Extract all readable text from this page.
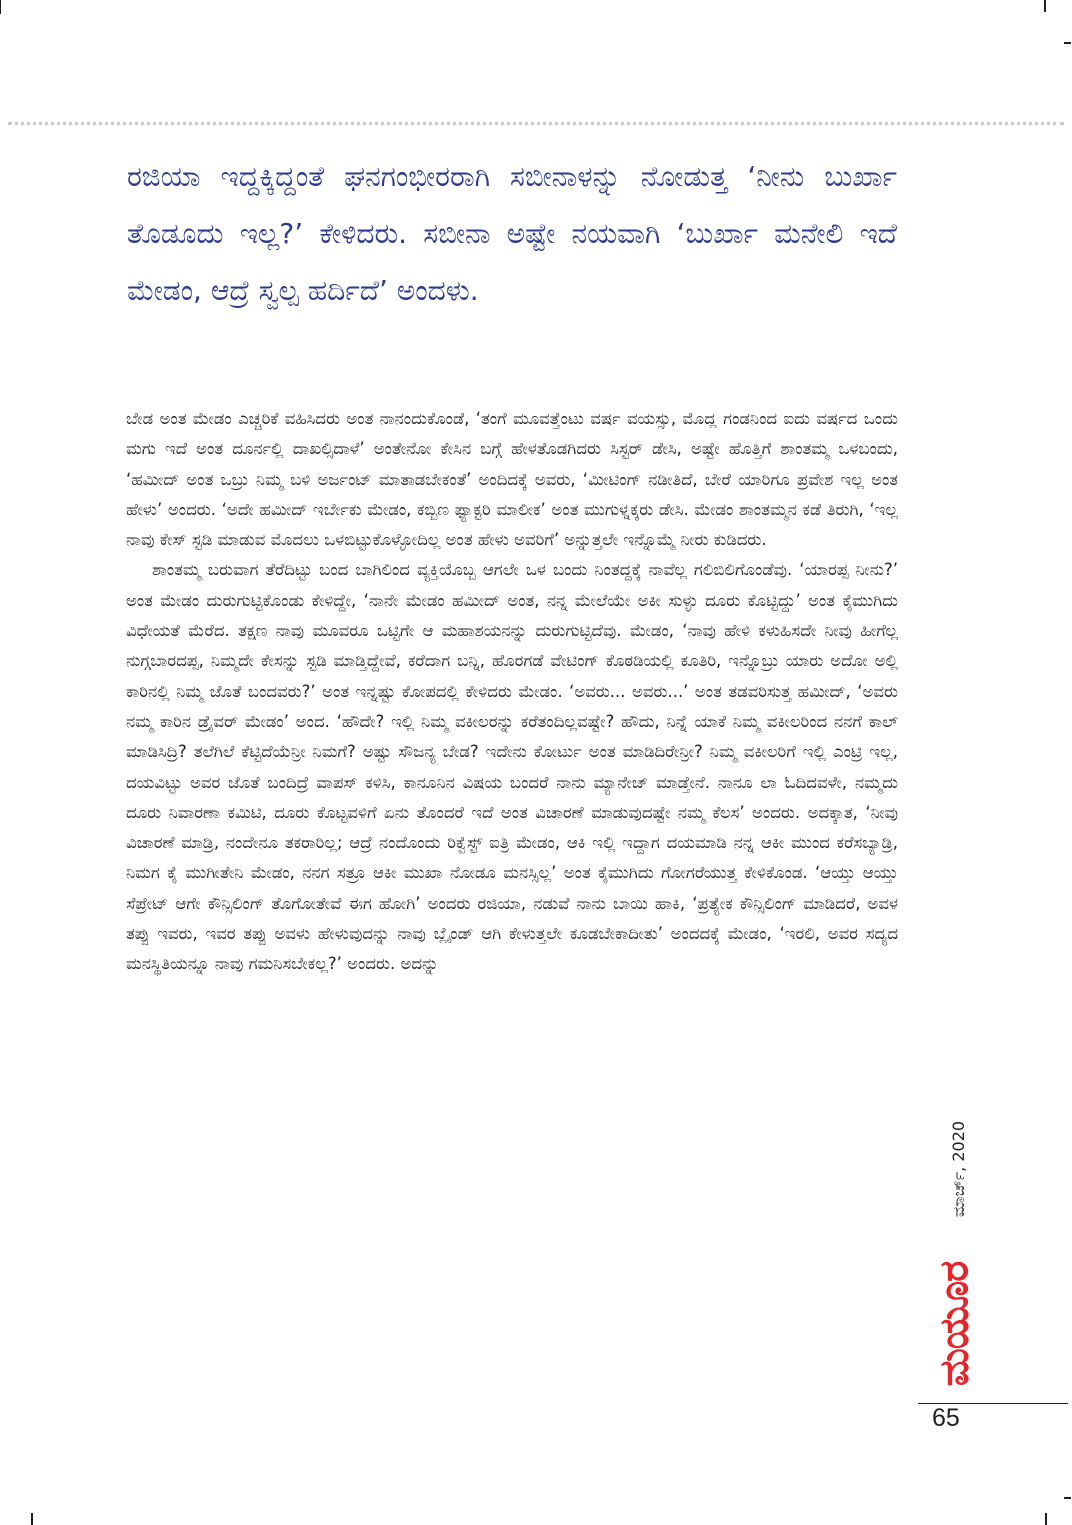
ರಜಿಯಾ ಇದ್ದಕ್ಕಿದ್ದಂತೆ ಘನಗಂಭೀರರಾಗಿ ಸಬೀನಾಳನ್ನು ನೋಡುತ್ತ ‘ನೀನು ಬುರ್ಖಾ ತೊಡೂದು ಇಲ್ಲ?’ ಕೇಳಿದರು. ಸಬೀನಾ ಅಷ್ಟೇ ನಯವಾಗಿ ‘ಬುರ್ಖಾ ಮನೇಲಿ ಇದೆ ಮೇಡಂ, ಆದ್ರೆ ಸ್ವಲ್ಪ ಹರ್ದಿದೆ’ ಅಂದಳು.

ಬೇಡ ಅಂತ ಮೇಡಂ ಎಚ್ಚರಿಕೆ ವಹಿಸಿದರು ಅಂತ ನಾನಂದುಕೊಂಡೆ, ‘ತಂಗೆ ಮೂವತ್ತೆಂಟು ವರ್ಷ ವಯಸ್ಸು, ಮೊದ್ಲ ಗಂಡನಿಂದ ಐದು ವರ್ಷದ ಒಂದು ಮಗು ಇದೆ ಅಂತ ದೂರ್ನಲ್ಲಿ ದಾಖಲ್ಸಿದಾಳೆ’ ಅಂತೇನೋ ಕೇಸಿನ ಬಗ್ಗೆ ಹೇಳತೊಡಗಿದರು ಸಿಸ್ಟರ್ ಡೇಸಿ, ಅಷ್ಟೇ ಹೊತ್ತಿಗೆ ಶಾಂತಮ್ಮ ಒಳಬಂದು, ‘ಹಮೀದ್ ಅಂತ ಒಬ್ರು ನಿಮ್ಮ ಬಳಿ ಅರ್ಜಂಟ್ ಮಾತಾಡಬೇಕಂತೆ’ ಅಂದಿದಕ್ಕೆ ಅವರು, ‘ಮೀಟಿಂಗ್ ನಡೀತಿದೆ, ಬೇರೆ ಯಾರಿಗೂ ಪ್ರವೇಶ ಇಲ್ಲ ಅಂತ ಹೇಳು’ ಅಂದರು. ‘ಅದೇ ಹಮೀದ್ ಇರ್ಬೇಕು ಮೇಡಂ, ಕಬ್ಬಿಣ ಫ್ಯಾಕ್ಟರಿ ಮಾಲೀಕ’ ಅಂತ ಮುಗುಳ್ನಕ್ಕರು ಡೇಸಿ. ಮೇಡಂ ಶಾಂತಮ್ಮನ ಕಡೆ ತಿರುಗಿ, ‘ಇಲ್ಲ ನಾವು ಕೇಸ್ ಸ್ಟಡಿ ಮಾಡುವ ಮೊದಲು ಒಳಬಿಟ್ಟುಕೊಳ್ಳೋದಿಲ್ಲ ಅಂತ ಹೇಳು ಅವರಿಗೆ’ ಅನ್ನುತ್ತಲೇ ಇನ್ನೊಮ್ಮೆ ನೀರು ಕುಡಿದರು.

ಶಾಂತಮ್ಮ ಬರುವಾಗ ತೆರೆದಿಟ್ಟು ಬಂದ ಬಾಗಿಲಿಂದ ವ್ಯಕ್ತಿಯೊಬ್ಬ ಆಗಲೇ ಒಳ ಬಂದು ನಿಂತದ್ದಕ್ಕೆ ನಾವೆಲ್ಲ ಗಲಿಬಿಲಿಗೊಂಡೆವು. ‘ಯಾರಪ್ಪ ನೀನು?’ ಅಂತ ಮೇಡಂ ದುರುಗುಟ್ಟಿಕೊಂಡು ಕೇಳಿದ್ದೇ, ‘ನಾನೇ ಮೇಡಂ ಹಮೀದ್ ಅಂತ, ನನ್ನ ಮೇಲೆಯೇ ಅಕೀ ಸುಳ್ಳು ದೂರು ಕೊಟ್ಟಿದ್ದು’ ಅಂತ ಕೈಮುಗಿದು ವಿಧೇಯತೆ ಮೆರೆದ. ತಕ್ಷಣ ನಾವು ಮೂವರೂ ಒಟ್ಟಿಗೇ ಆ ಮಹಾಶಯನನ್ನು ದುರುಗುಟ್ಟಿದೆವು. ಮೇಡಂ, ‘ನಾವು ಹೇಳಿ ಕಳುಹಿಸದೇ ನೀವು ಹೀಗೆಲ್ಲ ನುಗ್ಗಬಾರದಪ್ಪ, ನಿಮ್ಮದೇ ಕೇಸನ್ನು ಸ್ಟಡಿ ಮಾಡ್ತಿದ್ದೇವೆ, ಕರೆದಾಗ ಬನ್ನಿ, ಹೊರಗಡೆ ವೇಟಿಂಗ್ ಕೊಠಡಿಯಲ್ಲಿ ಕೂತಿರಿ, ಇನ್ನೊಬ್ರು ಯಾರು ಅದೋ ಅಲ್ಲಿ ಕಾರಿನಲ್ಲಿ ನಿಮ್ಮ ಜೊತೆ ಬಂದವರು?’ ಅಂತ ಇನ್ನಷ್ಟು ಕೋಪದಲ್ಲಿ ಕೇಳಿದರು ಮೇಡಂ. ‘ಅವರು... ಅವರು...’ ಅಂತ ತಡವರಿಸುತ್ತ ಹಮೀದ್, ‘ಅವರು ನಮ್ಮ ಕಾರಿನ ಡ್ರೈವರ್ ಮೇಡಂ’ ಅಂದ. ‘ಹೌದೇ? ಇಲ್ಲಿ ನಿಮ್ಮ ವಕೀಲರನ್ನು ಕರೆತಂದಿಲ್ಲವಷ್ಟೇ? ಹೌದು, ನಿನ್ನೆ ಯಾಕೆ ನಿಮ್ಮ ವಕೀಲರಿಂದ ನನಗೆ ಕಾಲ್ ಮಾಡಿಸಿದ್ರಿ? ತಲೆಗಿಲೆ ಕೆಟ್ಟಿದೆಯೆನ್ರೀ ನಿಮಗೆ? ಅಷ್ಟು ಸೌಜನ್ಯ ಬೇಡ? ಇದೇನು ಕೋರ್ಟು ಅಂತ ಮಾಡಿದಿರೇನ್ರೀ? ನಿಮ್ಮ ವಕೀಲರಿಗೆ ಇಲ್ಲಿ ಎಂಟ್ರಿ ಇಲ್ಲ, ದಯವಿಟ್ಟು ಅವರ ಜೊತೆ ಬಂದಿದ್ರೆ ವಾಪಸ್ ಕಳಿಸಿ, ಕಾನೂನಿನ ವಿಷಯ ಬಂದರೆ ನಾನು ಮ್ಯಾನೇಜ್ ಮಾಡ್ತೇನೆ. ನಾನೂ ಲಾ ಓದಿದವಳೇ, ನಮ್ಮದು ದೂರು ನಿವಾರಣಾ ಕಮಿಟಿ, ದೂರು ಕೊಟ್ಟವಳಿಗೆ ಏನು ತೊಂದರೆ ಇದೆ ಅಂತ ವಿಚಾರಣೆ ಮಾಡುವುದಷ್ಟೇ ನಮ್ಮ ಕೆಲಸ’ ಅಂದರು. ಅದಕ್ಕಾತ, ‘ನೀವು ವಿಚಾರಣೆ ಮಾಡ್ರಿ, ನಂದೇನೂ ತಕರಾರಿಲ್ಲ; ಆದ್ರೆ ನಂದೊಂದು ರಿಕ್ವೆಸ್ಟ್ ಐತ್ರಿ ಮೇಡಂ, ಆಕಿ ಇಲ್ಲಿ ಇದ್ದಾಗ ದಯಮಾಡಿ ನನ್ನ ಆಕೀ ಮುಂದ ಕರೆಸಬ್ಯಾಡ್ರಿ, ನಿಮಗ ಕೈ ಮುಗೀತೇನಿ ಮೇಡಂ, ನನಗ ಸತ್ರೂ ಆಕೀ ಮುಖಾ ನೋಡೂ ಮನಸ್ಸಿಲ್ಲ’ ಅಂತ ಕೈಮುಗಿದು ಗೋಗರೆಯುತ್ತ ಕೇಳಿಕೊಂಡ. ‘ಆಯ್ತು ಆಯ್ತು ಸೆಪ್ರೇಟ್ ಆಗೇ ಕೌನ್ಸಿಲಿಂಗ್ ತೊಗೋತೇವೆ ಈಗ ಹೋಗಿ’ ಅಂದರು ರಜಿಯಾ, ನಡುವೆ ನಾನು ಬಾಯಿ ಹಾಕಿ, ‘ಪ್ರತ್ಯೇಕ ಕೌನ್ಸಿಲಿಂಗ್ ಮಾಡಿದರೆ, ಅವಳ ತಪ್ಪು ಇವರು, ಇವರ ತಪ್ಪು ಅವಳು ಹೇಳುವುದನ್ನು ನಾವು ಬ್ಲೈಂಡ್ ಆಗಿ ಕೇಳುತ್ತಲೇ ಕೂಡಬೇಕಾದೀತು’ ಅಂದದಕ್ಕೆ ಮೇಡಂ, ‘ಇರಲಿ, ಅವರ ಸದ್ಯದ ಮನಸ್ಥಿತಿಯನ್ನೂ ನಾವು ಗಮನಿಸಬೇಕಲ್ಲ?’ ಅಂದರು. ಅದನ್ನು

ಮಾರ್ಚ್, 2020
ಮಯೂರ
65
